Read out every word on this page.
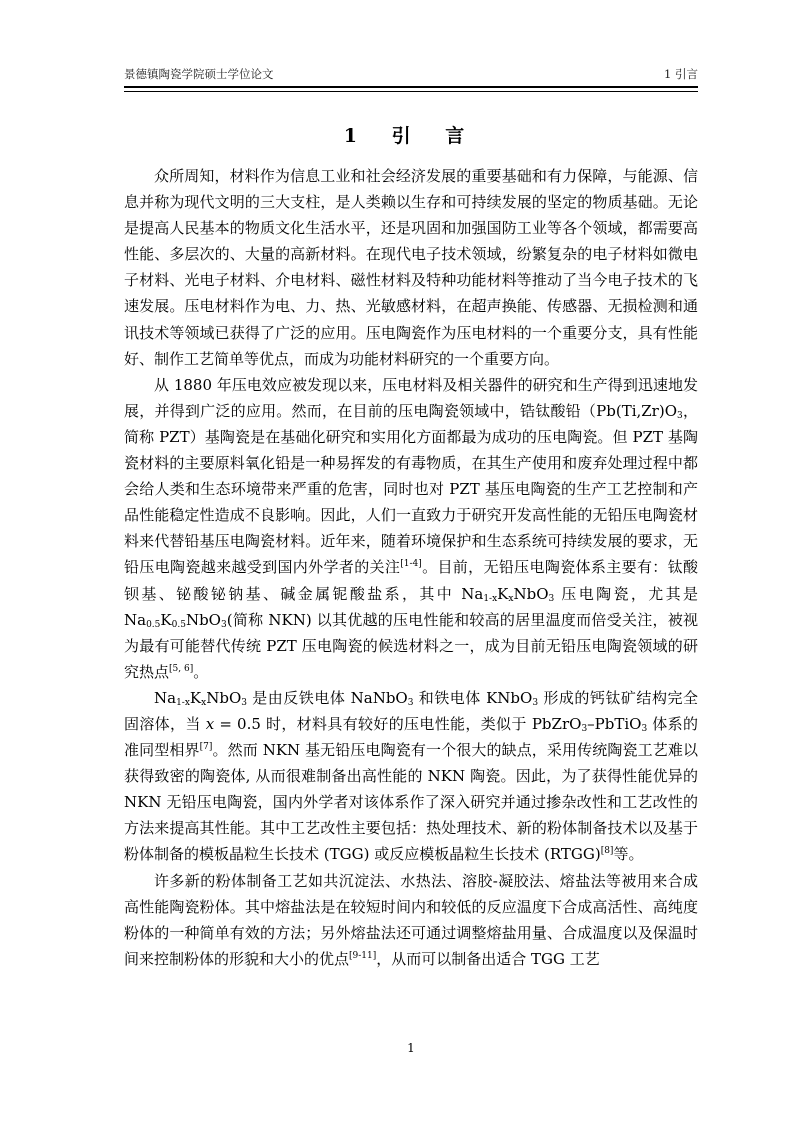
景德镇陶瓷学院硕士学位论文	1 引言
1 引 言

众所周知，材料作为信息工业和社会经济发展的重要基础和有力保障，与能源、信息并称为现代文明的三大支柱，是人类赖以生存和可持续发展的坚定的物质基础。无论是提高人民基本的物质文化生活水平，还是巩固和加强国防工业等各个领域，都需要高性能、多层次的、大量的高新材料。在现代电子技术领域，纷繁复杂的电子材料如微电子材料、光电子材料、介电材料、磁性材料及特种功能材料等推动了当今电子技术的飞速发展。压电材料作为电、力、热、光敏感材料，在超声换能、传感器、无损检测和通讯技术等领域已获得了广泛的应用。压电陶瓷作为压电材料的一个重要分支，具有性能好、制作工艺简单等优点，而成为功能材料研究的一个重要方向。

从 1880 年压电效应被发现以来，压电材料及相关器件的研究和生产得到迅速地发展，并得到广泛的应用。然而，在目前的压电陶瓷领域中，锆钛酸铅（$Pb(Ti,Zr)O_3$，简称 PZT）基陶瓷是在基础化研究和实用化方面都最为成功的压电陶瓷。但 PZT 基陶瓷材料的主要原料氧化铅是一种易挥发的有毒物质，在其生产使用和废弃处理过程中都会给人类和生态环境带来严重的危害，同时也对 PZT 基压电陶瓷的生产工艺控制和产品性能稳定性造成不良影响。因此，人们一直致力于研究开发高性能的无铅压电陶瓷材料来代替铅基压电陶瓷材料。近年来，随着环境保护和生态系统可持续发展的要求，无铅压电陶瓷越来越受到国内外学者的关注[1-4]。目前，无铅压电陶瓷体系主要有：钛酸钡基、铋酸铋钠基、碱金属铌酸盐系，其中 $Na_{1-x}K_xNbO_3$ 压电陶瓷，尤其是 $Na_{0.5}K_{0.5}NbO_3$(简称 NKN) 以其优越的压电性能和较高的居里温度而倍受关注，被视为最有可能替代传统 PZT 压电陶瓷的候选材料之一，成为目前无铅压电陶瓷领域的研究热点[5, 6]。

$Na_{1-x}K_xNbO_3$ 是由反铁电体 NaNbO$_3$ 和铁电体 KNbO$_3$ 形成的钙钛矿结构完全固溶体，当 x = 0.5 时，材料具有较好的压电性能，类似于 PbZrO$_3$–PbTiO$_3$ 体系的准同型相界[7]。然而 NKN 基无铅压电陶瓷有一个很大的缺点，采用传统陶瓷工艺难以获得致密的陶瓷体, 从而很难制备出高性能的 NKN 陶瓷。因此，为了获得性能优异的 NKN 无铅压电陶瓷，国内外学者对该体系作了深入研究并通过掺杂改性和工艺改性的方法来提高其性能。其中工艺改性主要包括：热处理技术、新的粉体制备技术以及基于粉体制备的模板晶粒生长技术 (TGG) 或反应模板晶粒生长技术 (RTGG)[8]等。

许多新的粉体制备工艺如共沉淀法、水热法、溶胶-凝胶法、熔盐法等被用来合成高性能陶瓷粉体。其中熔盐法是在较短时间内和较低的反应温度下合成高活性、高纯度粉体的一种简单有效的方法；另外熔盐法还可通过调整熔盐用量、合成温度以及保温时间来控制粉体的形貌和大小的优点[9-11]，从而可以制备出适合 TGG 工艺

1
